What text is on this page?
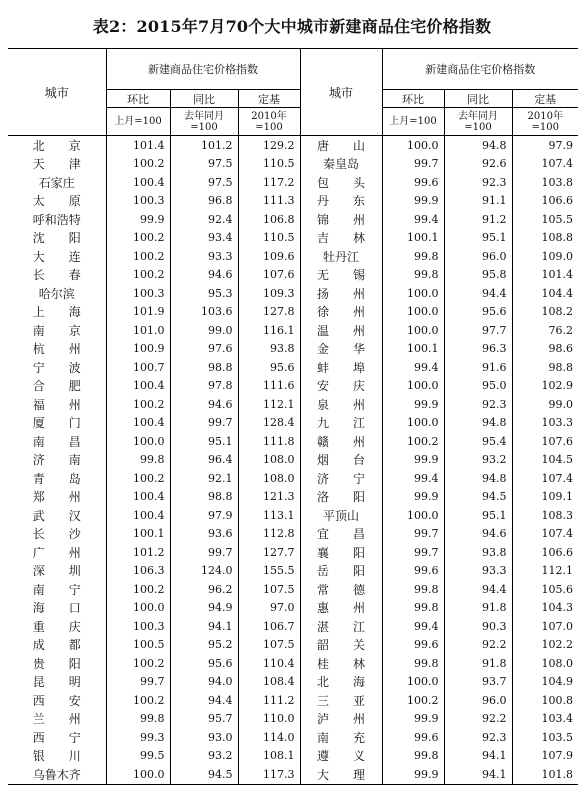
表2：2015年7月70个大中城市新建商品住宅价格指数
城市	新建商品住宅价格指数			城市	新建商品住宅价格指数		
	环比	同比	定基		环比	同比	定基
	上月=100	去年同月=100	2010年=100		上月=100	去年同月=100	2010年=100
北　　京	101.4	101.2	129.2	唐　　山	100.0	94.8	97.9
天　　津	100.2	97.5	110.5	秦皇岛	99.7	92.6	107.4
石家庄	100.4	97.5	117.2	包　　头	99.6	92.3	103.8
太　　原	100.3	96.8	111.3	丹　　东	99.9	91.1	106.6
呼和浩特	99.9	92.4	106.8	锦　　州	99.4	91.2	105.5
沈　　阳	100.2	93.4	110.5	吉　　林	100.1	95.1	108.8
大　　连	100.2	93.3	109.6	牡丹江	99.8	96.0	109.0
长　　春	100.2	94.6	107.6	无　　锡	99.8	95.8	101.4
哈尔滨	100.3	95.3	109.3	扬　　州	100.0	94.4	104.4
上　　海	101.9	103.6	127.8	徐　　州	100.0	95.6	108.2
南　　京	101.0	99.0	116.1	温　　州	100.0	97.7	76.2
杭　　州	100.9	97.6	93.8	金　　华	100.1	96.3	98.6
宁　　波	100.7	98.8	95.6	蚌　　埠	99.4	91.6	98.8
合　　肥	100.4	97.8	111.6	安　　庆	100.0	95.0	102.9
福　　州	100.2	94.6	112.1	泉　　州	99.9	92.3	99.0
厦　　门	100.4	99.7	128.4	九　　江	100.0	94.8	103.3
南　　昌	100.0	95.1	111.8	赣　　州	100.2	95.4	107.6
济　　南	99.8	96.4	108.0	烟　　台	99.9	93.2	104.5
青　　岛	100.2	92.1	108.0	济　　宁	99.4	94.8	107.4
郑　　州	100.4	98.8	121.3	洛　　阳	99.9	94.5	109.1
武　　汉	100.4	97.9	113.1	平顶山	100.0	95.1	108.3
长　　沙	100.1	93.6	112.8	宜　　昌	99.7	94.6	107.4
广　　州	101.2	99.7	127.7	襄　　阳	99.7	93.8	106.6
深　　圳	106.3	124.0	155.5	岳　　阳	99.6	93.3	112.1
南　　宁	100.2	96.2	107.5	常　　德	99.8	94.4	105.6
海　　口	100.0	94.9	97.0	惠　　州	99.8	91.8	104.3
重　　庆	100.3	94.1	106.7	湛　　江	99.4	90.3	107.0
成　　都	100.5	95.2	107.5	韶　　关	99.6	92.2	102.2
贵　　阳	100.2	95.6	110.4	桂　　林	99.8	91.8	108.0
昆　　明	99.7	94.0	108.4	北　　海	100.0	93.7	104.9
西　　安	100.2	94.4	111.2	三　　亚	100.2	96.0	100.8
兰　　州	99.8	95.7	110.0	泸　　州	99.9	92.2	103.4
西　　宁	99.3	93.0	114.0	南　　充	99.6	92.3	103.5
银　　川	99.5	93.2	108.1	遵　　义	99.8	94.1	107.9
乌鲁木齐	100.0	94.5	117.3	大　　理	99.9	94.1	101.8
